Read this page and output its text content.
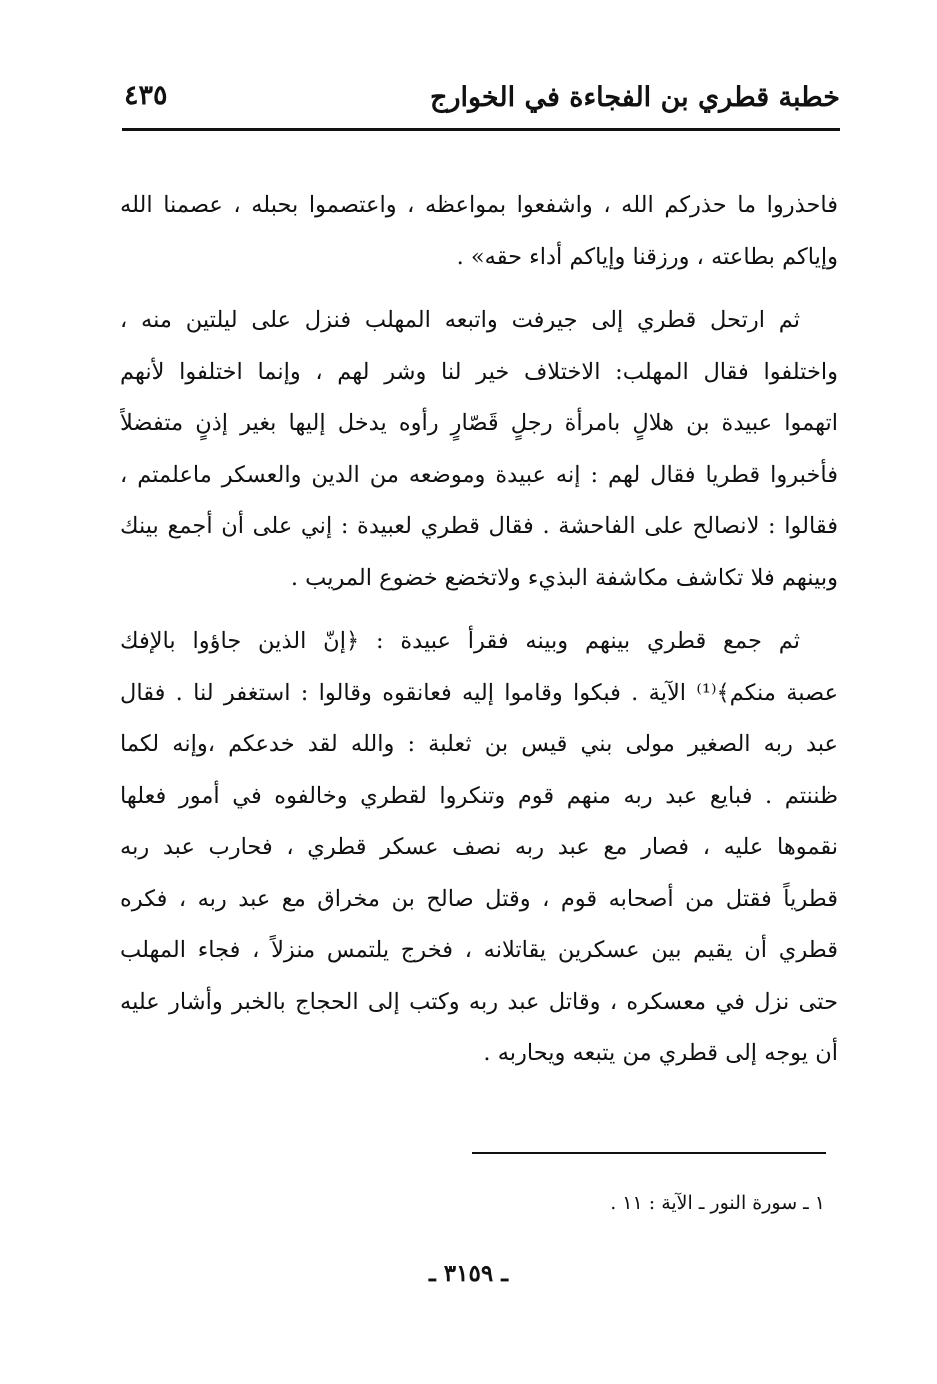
خطبة قطري بن الفجاءة في الخوارج
٤٣٥

فاحذروا ما حذركم الله ، واشفعوا بمواعظه ، واعتصموا بحبله ، عصمنا الله
وإياكم بطاعته ، ورزقنا وإياكم أداء حقه» .

ثم ارتحل قطري إلى جيرفت واتبعه المهلب فنزل على ليلتين منه ،
واختلفوا فقال المهلب: الاختلاف خير لنا وشر لهم ، وإنما اختلفوا لأنهم
اتهموا عبيدة بن هلالٍ بامرأة رجلٍ قَصّارٍ رأوه يدخل إليها بغير إذنٍ متفضلاً
فأخبروا قطريا فقال لهم : إنه عبيدة وموضعه من الدين والعسكر ماعلمتم ،
فقالوا : لانصالح على الفاحشة . فقال قطري لعبيدة : إني على أن أجمع بينك
وبينهم فلا تكاشف مكاشفة البذيء ولاتخضع خضوع المريب .

ثم جمع قطري بينهم وبينه فقرأ عبيدة : ﴿إنّ الذين جاؤوا بالإفك
عصبة منكم﴾⁽¹⁾ الآية . فبكوا وقاموا إليه فعانقوه وقالوا : استغفر لنا . فقال
عبد ربه الصغير مولى بني قيس بن ثعلبة : والله لقد خدعكم ،وإنه لكما
ظننتم . فبايع عبد ربه منهم قوم وتنكروا لقطري وخالفوه في أمور فعلها
نقموها عليه ، فصار مع عبد ربه نصف عسكر قطري ، فحارب عبد ربه
قطرياً فقتل من أصحابه قوم ، وقتل صالح بن مخراق مع عبد ربه ، فكره
قطري أن يقيم بين عسكرين يقاتلانه ، فخرج يلتمس منزلاً ، فجاء المهلب
حتى نزل في معسكره ، وقاتل عبد ربه وكتب إلى الحجاج بالخبر وأشار عليه
أن يوجه إلى قطري من يتبعه ويحاربه .

١ ـ سورة النور ـ الآية : ١١ .
ـ ٣١٥٩ ـ
